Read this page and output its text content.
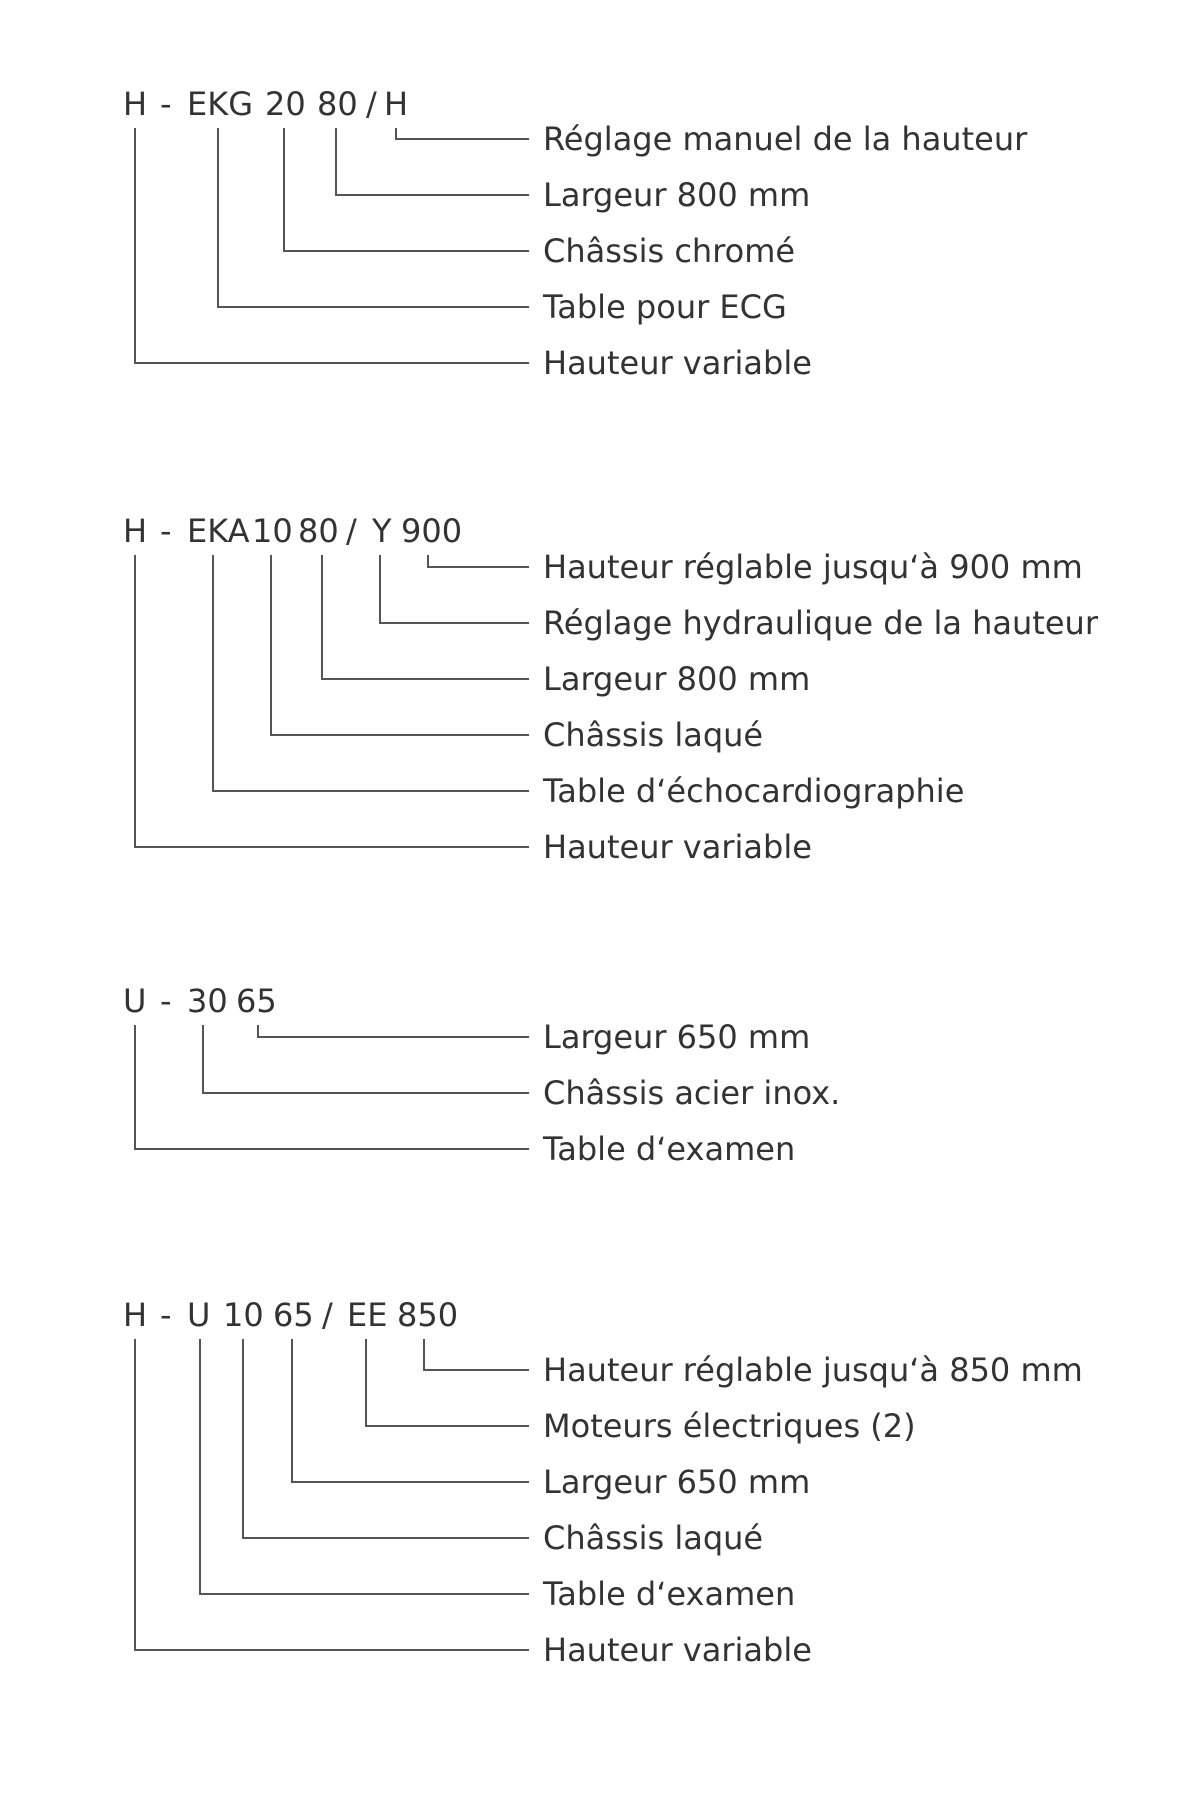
H - EKG 20 80 / H
Réglage manuel de la hauteur
Largeur 800 mm
Châssis chromé
Table pour ECG
Hauteur variable
H - EKA 10 80 / Y 900
Hauteur réglable jusqu‘à 900 mm
Réglage hydraulique de la hauteur
Largeur 800 mm
Châssis laqué
Table d‘échocardiographie
Hauteur variable
U - 30 65
Largeur 650 mm
Châssis acier inox.
Table d‘examen
H - U 10 65 / EE 850
Hauteur réglable jusqu‘à 850 mm
Moteurs électriques (2)
Largeur 650 mm
Châssis laqué
Table d‘examen
Hauteur variable
